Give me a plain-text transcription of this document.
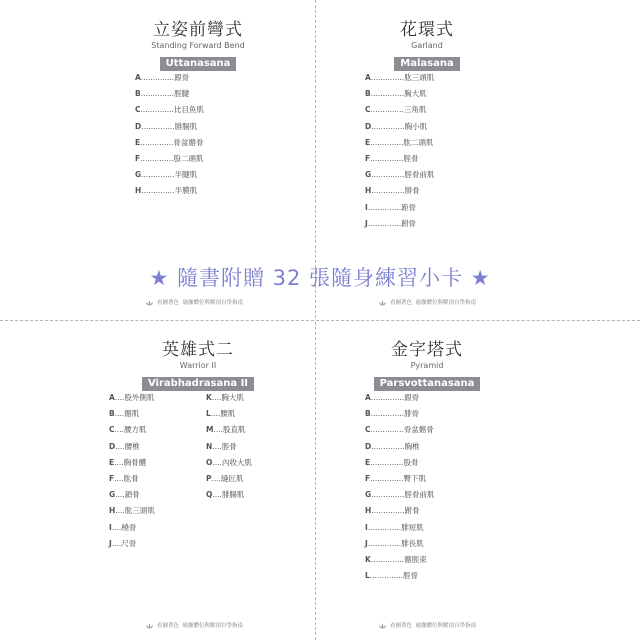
立姿前彎式
Standing Forward Bend
Uttanasana
A..............跟骨
B..............脛腱
C..............比目魚肌
D..............腓腸肌
E..............骨盆髂骨
F..............股二頭肌
G..............半腱肌
H..............半膜肌
看圖著色 瑜伽體位與解剖自學指南
花環式
Garland
Malasana
A..............肱三頭肌
B..............胸大肌
C..............三角肌
D..............胸小肌
E..............肱二頭肌
F..............脛骨
G..............脛骨前肌
H..............腓骨
I..............距骨
J..............跗骨
看圖著色 瑜伽體位與解剖自學指南
★ 隨書附贈 32 張隨身練習小卡 ★
英雄式二
Warrior II
Virabhadrasana II
A....股外側肌
B....髂肌
C....腰方肌
D....腰椎
E....胸骨體
F....肱骨
G....鎖骨
H....肱三頭肌
I....橈骨
J....尺骨
K....胸大肌
L....腰肌
M....股直肌
N....脛骨
O....內收大肌
P....縫匠肌
Q....腓腸肌
看圖著色 瑜伽體位與解剖自學指南
金字塔式
Pyramid
Parsvottanasana
A..............跟骨
B..............腓骨
C..............骨盆髂骨
D..............胸椎
E..............股骨
F..............臀下肌
G..............脛骨前肌
H..............跗骨
I..............腓短肌
J..............腓長肌
K..............髂脛束
L..............脛骨
看圖著色 瑜伽體位與解剖自學指南
